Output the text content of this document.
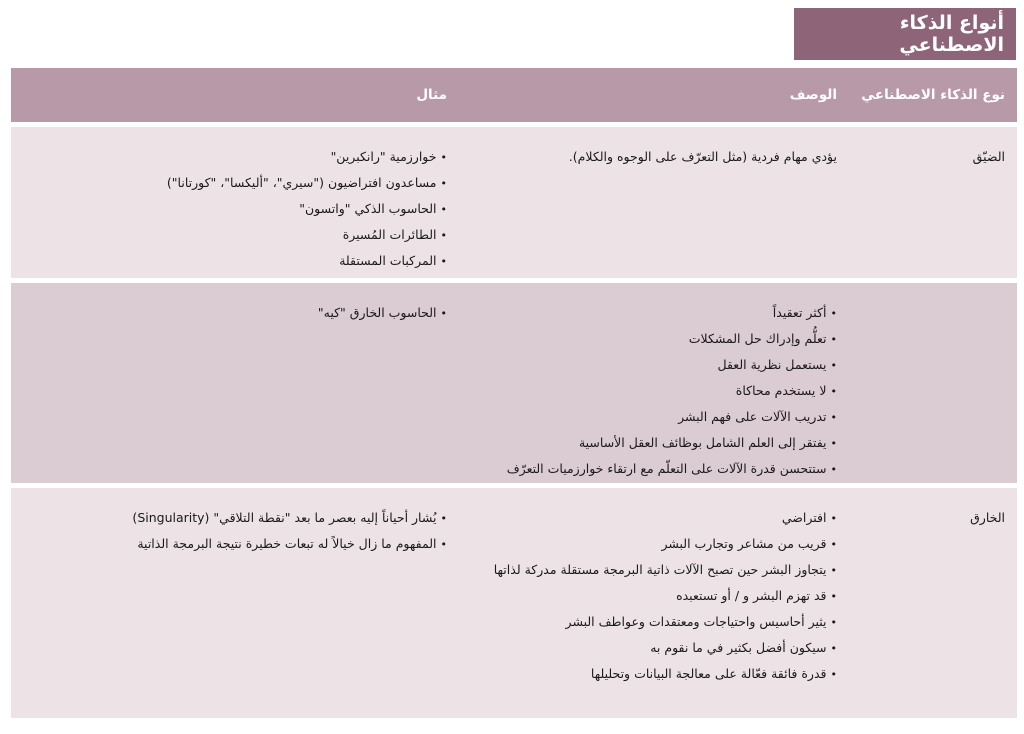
أنواع الذكاء الاصطناعي
نوع الذكاء الاصطناعي
الوصف
مثال
الضيّق
يؤدي مهام فردية (مثل التعرّف على الوجوه والكلام).
•
خوارزمية "رانكبرين"
•
مساعدون افتراضيون ("سيري"، "أليكسا"، "كورتانا")
•
الحاسوب الذكي "واتسون"
•
الطائرات المُسيرة
•
المركبات المستقلة
•
أكثر تعقيداً
•
تعلُّم وإدراك حل المشكلات
•
يستعمل نظرية العقل
•
لا يستخدم محاكاة
•
تدريب الآلات على فهم البشر
•
يفتقر إلى العلم الشامل بوظائف العقل الأساسية
•
ستتحسن قدرة الآلات على التعلّم مع ارتقاء خوارزميات التعرّف
•
الحاسوب الخارق "كيه"
الخارق
•
افتراضي
•
قريب من مشاعر وتجارب البشر
•
يتجاوز البشر حين تصبح الآلات ذاتية البرمجة مستقلة مدركة لذاتها
•
قد تهزم البشر و / أو تستعبده
•
يثير أحاسيس واحتياجات ومعتقدات وعواطف البشر
•
سيكون أفضل بكثير في ما نقوم به
•
قدرة فائقة فعّالة على معالجة البيانات وتحليلها
•
يُشار أحياناً إليه بعصر ما بعد "نقطة التلاقي" (Singularity)
•
المفهوم ما زال خيالاً له تبعات خطيرة نتيجة البرمجة الذاتية
